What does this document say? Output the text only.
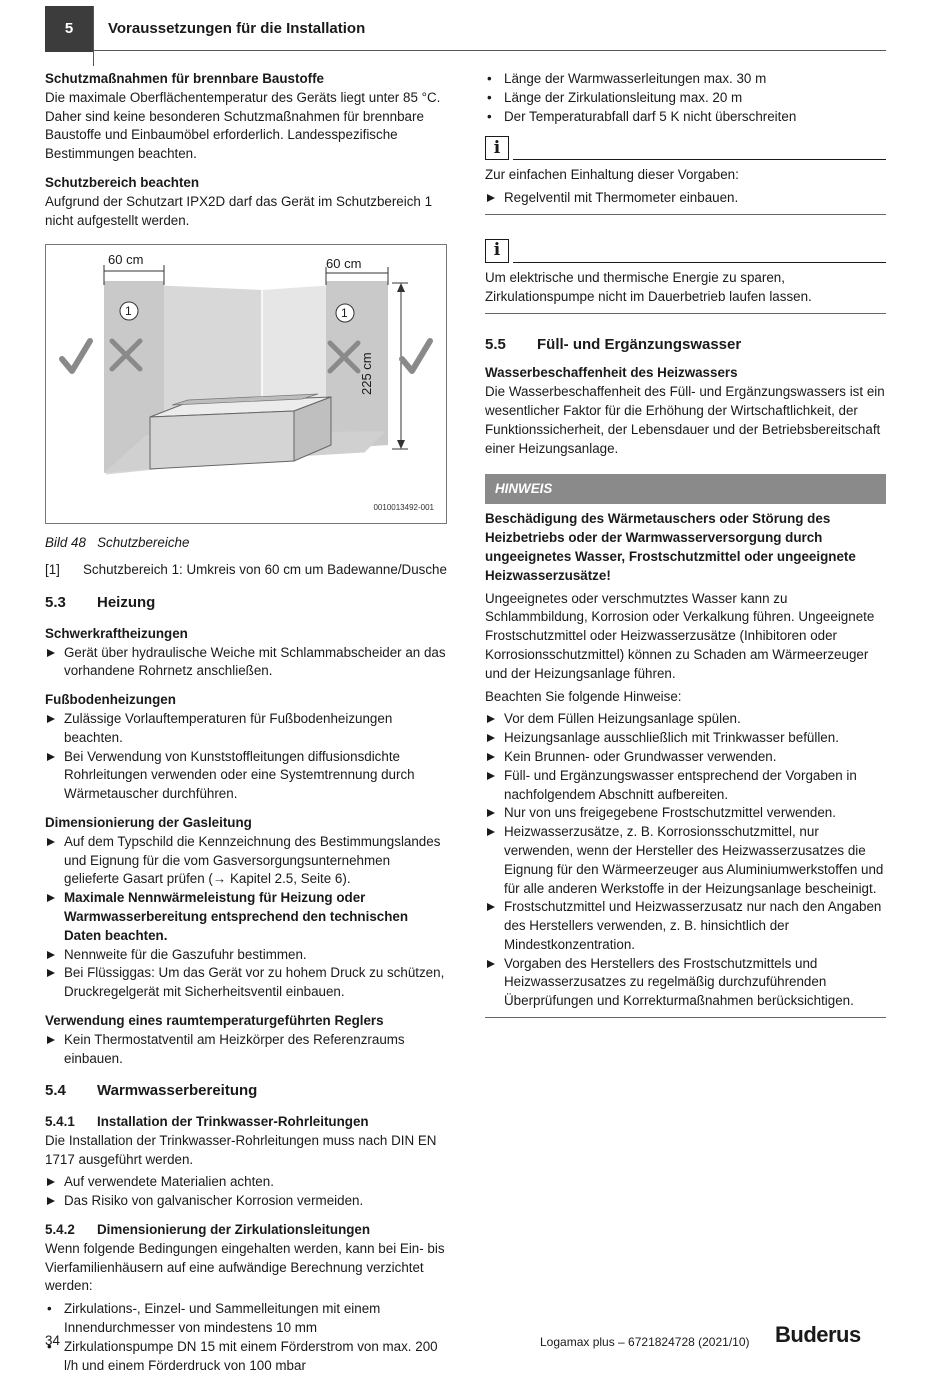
5	Voraussetzungen für die Installation

Schutzmaßnahmen für brennbare Baustoffe

Die maximale Oberflächentemperatur des Geräts liegt unter 85 °C. Daher sind keine besonderen Schutzmaßnahmen für brennbare Baustoffe und Einbaumöbel erforderlich. Landesspezifische Bestimmungen beachten.

Schutzbereich beachten

Aufgrund der Schutzart IPX2D darf das Gerät im Schutzbereich 1 nicht aufgestellt werden.

60 cm	60 cm
225 cm
1	1
0010013492-001

Bild 48   Schutzbereiche

[1]	Schutzbereich 1: Umkreis von 60 cm um Badewanne/Dusche

5.3	Heizung

Schwerkraftheizungen

Gerät über hydraulische Weiche mit Schlammabscheider an das vorhandene Rohrnetz anschließen.

Fußbodenheizungen

Zulässige Vorlauftemperaturen für Fußbodenheizungen beachten.
Bei Verwendung von Kunststoffleitungen diffusionsdichte Rohrleitungen verwenden oder eine Systemtrennung durch Wärmetauscher durchführen.

Dimensionierung der Gasleitung

Auf dem Typschild die Kennzeichnung des Bestimmungslandes und Eignung für die vom Gasversorgungsunternehmen gelieferte Gasart prüfen (→ Kapitel 2.5, Seite 6).
Maximale Nennwärmeleistung für Heizung oder Warmwasserbereitung entsprechend den technischen Daten beachten.
Nennweite für die Gaszufuhr bestimmen.
Bei Flüssiggas: Um das Gerät vor zu hohem Druck zu schützen, Druckregelgerät mit Sicherheitsventil einbauen.

Verwendung eines raumtemperaturgeführten Reglers

Kein Thermostatventil am Heizkörper des Referenzraums einbauen.

5.4	Warmwasserbereitung

5.4.1	Installation der Trinkwasser-Rohrleitungen

Die Installation der Trinkwasser-Rohrleitungen muss nach DIN EN 1717 ausgeführt werden.

Auf verwendete Materialien achten.
Das Risiko von galvanischer Korrosion vermeiden.

5.4.2	Dimensionierung der Zirkulationsleitungen

Wenn folgende Bedingungen eingehalten werden, kann bei Ein- bis Vierfamilienhäusern auf eine aufwändige Berechnung verzichtet werden:

• Zirkulations-, Einzel- und Sammelleitungen mit einem Innendurchmesser von mindestens 10 mm
• Zirkulationspumpe DN 15 mit einem Förderstrom von max. 200 l/h und einem Förderdruck von 100 mbar
• Länge der Warmwasserleitungen max. 30 m
• Länge der Zirkulationsleitung max. 20 m
• Der Temperaturabfall darf 5 K nicht überschreiten
i

Zur einfachen Einhaltung dieser Vorgaben:

Regelventil mit Thermometer einbauen.
i

Um elektrische und thermische Energie zu sparen, Zirkulationspumpe nicht im Dauerbetrieb laufen lassen.

5.5	Füll- und Ergänzungswasser

Wasserbeschaffenheit des Heizwassers

Die Wasserbeschaffenheit des Füll- und Ergänzungswassers ist ein wesentlicher Faktor für die Erhöhung der Wirtschaftlichkeit, der Funktionssicherheit, der Lebensdauer und der Betriebsbereitschaft einer Heizungsanlage.

HINWEIS

Beschädigung des Wärmetauschers oder Störung des Heizbetriebs oder der Warmwasserversorgung durch ungeeignetes Wasser, Frostschutzmittel oder ungeeignete Heizwasserzusätze!

Ungeeignetes oder verschmutztes Wasser kann zu Schlammbildung, Korrosion oder Verkalkung führen. Ungeeignete Frostschutzmittel oder Heizwasserzusätze (Inhibitoren oder Korrosionsschutzmittel) können zu Schaden am Wärmeerzeuger und der Heizungsanlage führen.

Beachten Sie folgende Hinweise:

Vor dem Füllen Heizungsanlage spülen.
Heizungsanlage ausschließlich mit Trinkwasser befüllen.
Kein Brunnen- oder Grundwasser verwenden.
Füll- und Ergänzungswasser entsprechend der Vorgaben in nachfolgendem Abschnitt aufbereiten.
Nur von uns freigegebene Frostschutzmittel verwenden.
Heizwasserzusätze, z. B. Korrosionsschutzmittel, nur verwenden, wenn der Hersteller des Heizwasserzusatzes die Eignung für den Wärmeerzeuger aus Aluminiumwerkstoffen und für alle anderen Werkstoffe in der Heizungsanlage bescheinigt.
Frostschutzmittel und Heizwasserzusatz nur nach den Angaben des Herstellers verwenden, z. B. hinsichtlich der Mindestkonzentration.
Vorgaben des Herstellers des Frostschutzmittels und Heizwasserzusatzes zu regelmäßig durchzuführenden Überprüfungen und Korrekturmaßnahmen berücksichtigen.
34	Logamax plus – 6721824728 (2021/10) Buderus
